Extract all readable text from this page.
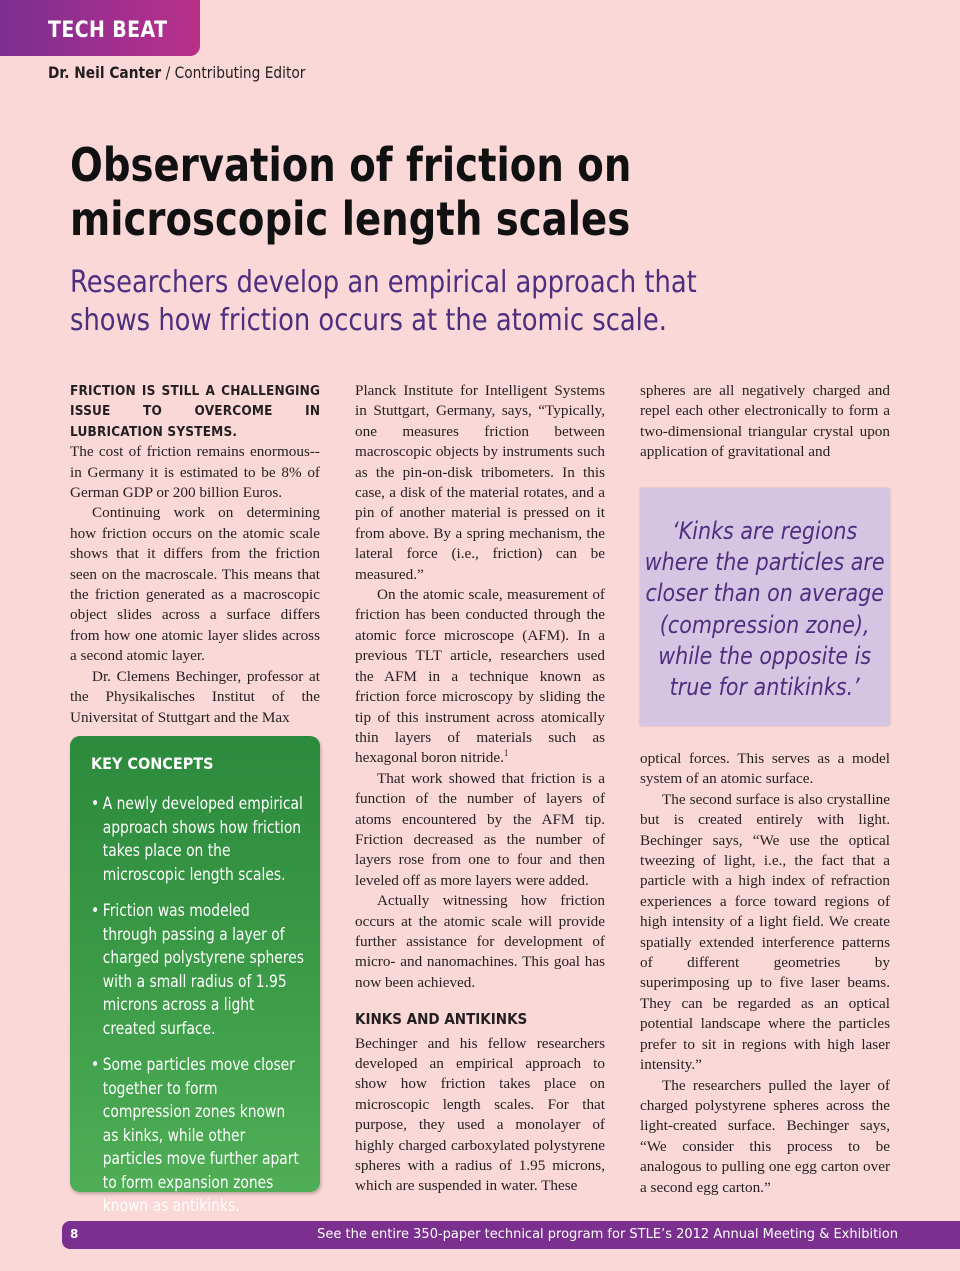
TECH BEAT
Dr. Neil Canter / Contributing Editor
Observation of friction on microscopic length scales
Researchers develop an empirical approach that shows how friction occurs at the atomic scale.

FRICTION IS STILL A CHALLENGING ISSUE TO OVERCOME IN LUBRICATION SYSTEMS.

The cost of friction remains enormous--in Germany it is estimated to be 8% of German GDP or 200 billion Euros.

Continuing work on determining how friction occurs on the atomic scale shows that it differs from the friction seen on the macroscale. This means that the friction generated as a macroscopic object slides across a surface differs from how one atomic layer slides across a second atomic layer.

Dr. Clemens Bechinger, professor at the Physikalisches Institut of the Universitat of Stuttgart and the Max

KEY CONCEPTS
• A newly developed empirical approach shows how friction takes place on the microscopic length scales.
• Friction was modeled through passing a layer of charged polystyrene spheres with a small radius of 1.95 microns across a light created surface.
• Some particles move closer together to form compression zones known as kinks, while other particles move further apart to form expansion zones known as antikinks.

Planck Institute for Intelligent Systems in Stuttgart, Germany, says, “Typically, one measures friction between macroscopic objects by instruments such as the pin-on-disk tribometers. In this case, a disk of the material rotates, and a pin of another material is pressed on it from above. By a spring mechanism, the lateral force (i.e., friction) can be measured.”

On the atomic scale, measurement of friction has been conducted through the atomic force microscope (AFM). In a previous TLT article, researchers used the AFM in a technique known as friction force microscopy by sliding the tip of this instrument across atomically thin layers of materials such as hexagonal boron nitride.$^1$

That work showed that friction is a function of the number of layers of atoms encountered by the AFM tip. Friction decreased as the number of layers rose from one to four and then leveled off as more layers were added.

Actually witnessing how friction occurs at the atomic scale will provide further assistance for development of micro- and nanomachines. This goal has now been achieved.

KINKS AND ANTIKINKS

Bechinger and his fellow researchers developed an empirical approach to show how friction takes place on microscopic length scales. For that purpose, they used a monolayer of highly charged carboxylated polystyrene spheres with a radius of 1.95 microns, which are suspended in water. These

spheres are all negatively charged and repel each other electronically to form a two-dimensional triangular crystal upon application of gravitational and

‘Kinks are regions where the particles are closer than on average (compression zone), while the opposite is true for antikinks.’

optical forces. This serves as a model system of an atomic surface.

The second surface is also crystalline but is created entirely with light. Bechinger says, “We use the optical tweezing of light, i.e., the fact that a particle with a high index of refraction experiences a force toward regions of high intensity of a light field. We create spatially extended interference patterns of different geometries by superimposing up to five laser beams. They can be regarded as an optical potential landscape where the particles prefer to sit in regions with high laser intensity.”

The researchers pulled the layer of charged polystyrene spheres across the light-created surface. Bechinger says, “We consider this process to be analogous to pulling one egg carton over a second egg carton.”

8	See the entire 350-paper technical program for STLE’s 2012 Annual Meeting & Exhibition
